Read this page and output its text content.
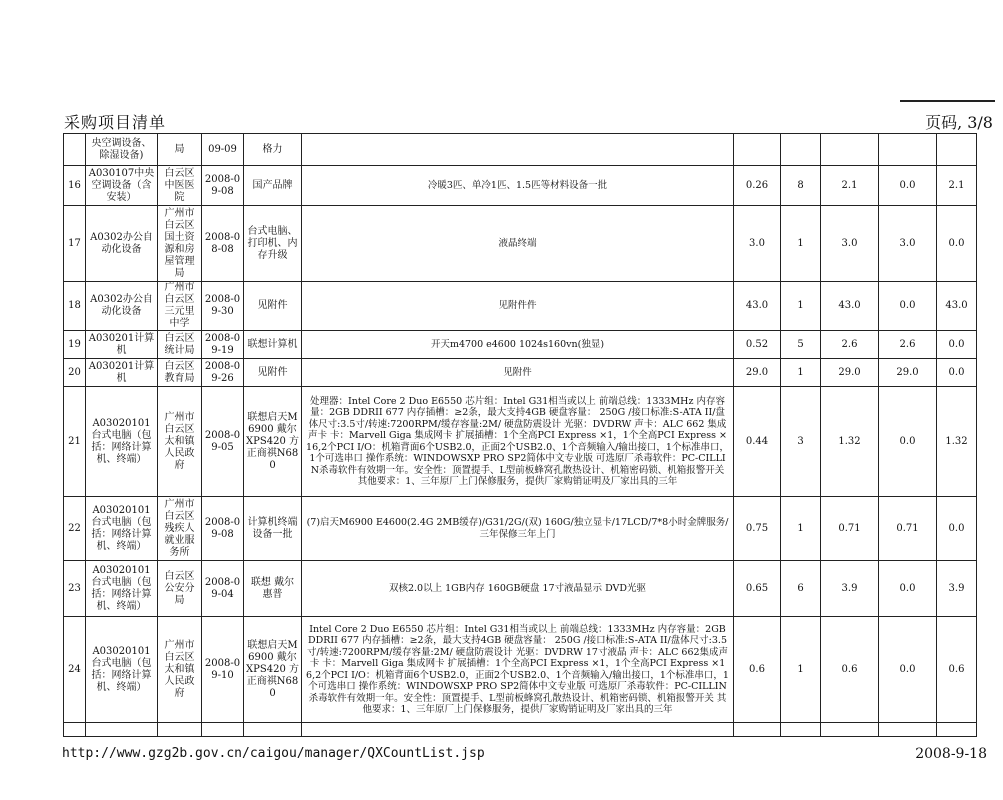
采购项目清单	页码, 3/8
	央空调设备、除湿设备)	局	09-09	格力						
16	A030107中央空调设备（含安装）	白云区中医医院	2008-09-08	国产品牌	冷暖3匹、单冷1匹、1.5匹等材料设备一批	0.26	8	2.1	0.0	2.1
17	A0302办公自动化设备	广州市白云区国土资源和房屋管理局	2008-08-08	台式电脑、打印机、内存升级	液晶终端	3.0	1	3.0	3.0	0.0
18	A0302办公自动化设备	广州市白云区三元里中学	2008-09-30	见附件	见附件件	43.0	1	43.0	0.0	43.0
19	A030201计算机	白云区统计局	2008-09-19	联想计算机	开天m4700 e4600 1024s160vn(独显)	0.52	5	2.6	2.6	0.0
20	A030201计算机	白云区教育局	2008-09-26	见附件	见附件	29.0	1	29.0	29.0	0.0
21	A03020101台式电脑（包括：网络计算机、终端）	广州市白云区太和镇人民政府	2008-09-05	联想启天M6900 戴尔XPS420 方正商祺N680	处理器：Intel Core 2 Duo E6550 芯片组：Intel G31相当或以上 前端总线：1333MHz 内存容量：2GB DDRII 677 内存插槽：≥2条，最大支持4GB 硬盘容量： 250G /接口标准:S-ATA II/盘体尺寸:3.5寸/转速:7200RPM/缓存容量:2M/ 硬盘防震设计 光驱：DVDRW 声卡：ALC 662 集成声卡 卡：Marvell Giga 集成网卡 扩展插槽：1个全高PCI Express ×1，1个全高PCI Express ×16,2个PCI I/O：机箱背面6个USB2.0，正面2个USB2.0、1个音频输入/输出接口，1个标准串口，1个可选串口 操作系统：WINDOWSXP PRO SP2简体中文专业版 可选原厂杀毒软件：PC-CILLIN杀毒软件有效期一年。安全性：顶置提手、L型前板蜂窝孔散热设计、机箱密码锁、机箱报警开关 其他要求：1、三年原厂上门保修服务，提供厂家购销证明及厂家出具的三年	0.44	3	1.32	0.0	1.32
22	A03020101台式电脑（包括：网络计算机、终端）	广州市白云区残疾人就业服务所	2008-09-08	计算机终端设备一批	(7)启天M6900 E4600(2.4G 2MB缓存)/G31/2G/(双) 160G/独立显卡/17LCD/7*8小时金牌服务/三年保修三年上门	0.75	1	0.71	0.71	0.0
23	A03020101台式电脑（包括：网络计算机、终端）	白云区公安分局	2008-09-04	联想 戴尔 惠普	双核2.0以上 1GB内存 160GB硬盘 17寸液晶显示 DVD光驱	0.65	6	3.9	0.0	3.9
24	A03020101台式电脑（包括：网络计算机、终端）	广州市白云区太和镇人民政府	2008-09-10	联想启天M6900 戴尔XPS420 方正商祺N680	Intel Core 2 Duo E6550 芯片组：Intel G31相当或以上 前端总线：1333MHz 内存容量：2GB DDRII 677 内存插槽：≥2条，最大支持4GB 硬盘容量： 250G /接口标准:S-ATA II/盘体尺寸:3.5寸/转速:7200RPM/缓存容量:2M/ 硬盘防震设计 光驱：DVDRW 17寸液晶 声卡：ALC 662集成声卡 卡：Marvell Giga 集成网卡 扩展插槽：1个全高PCI Express ×1，1个全高PCI Express ×16,2个PCI I/O：机箱背面6个USB2.0，正面2个USB2.0、1个音频输入/输出接口，1个标准串口，1个可选串口 操作系统：WINDOWSXP PRO SP2简体中文专业版 可选原厂杀毒软件：PC-CILLIN杀毒软件有效期一年。安全性：顶置提手、L型前板蜂窝孔散热设计、机箱密码锁、机箱报警开关 其他要求：1、三年原厂上门保修服务，提供厂家购销证明及厂家出具的三年	0.6	1	0.6	0.0	0.6

http://www.gzg2b.gov.cn/caigou/manager/QXCountList.jsp	2008-9-18
